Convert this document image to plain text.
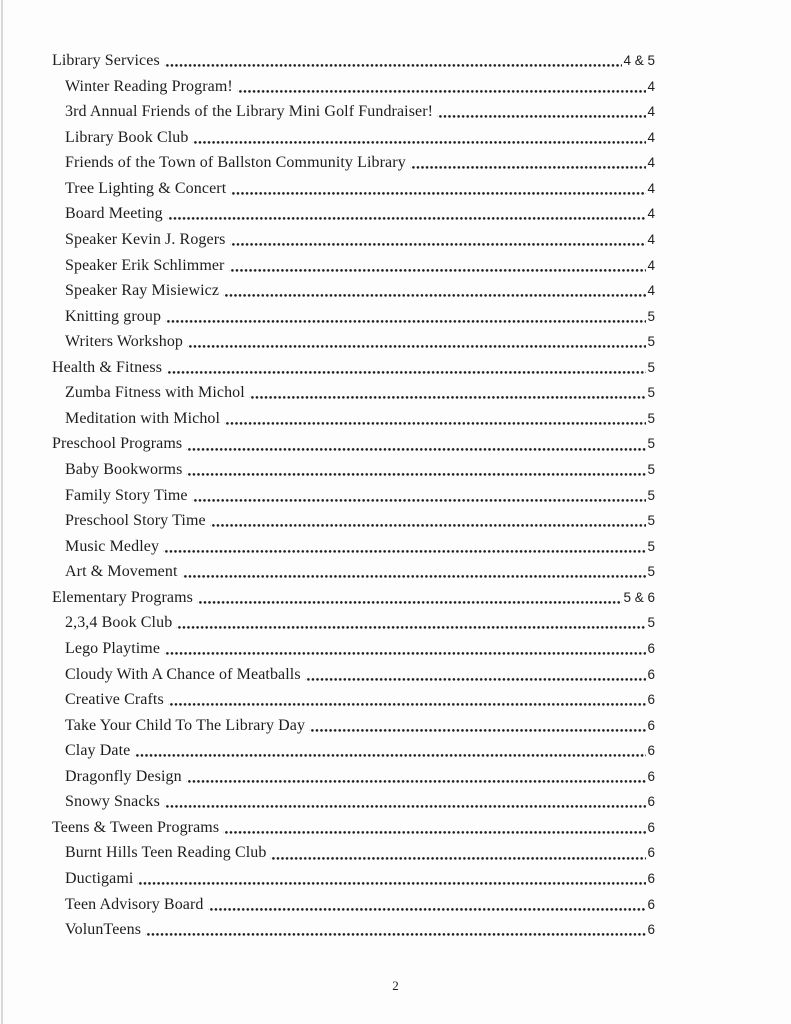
Library Services	4 & 5
Winter Reading Program!	4
3rd Annual Friends of the Library Mini Golf Fundraiser!	4
Library Book Club	4
Friends of the Town of Ballston Community Library	4
Tree Lighting & Concert	4
Board Meeting	4
Speaker Kevin J. Rogers	4
Speaker Erik Schlimmer	4
Speaker Ray Misiewicz	4
Knitting group	5
Writers Workshop	5
Health & Fitness	5
Zumba Fitness with Michol	5
Meditation with Michol	5
Preschool Programs	5
Baby Bookworms	5
Family Story Time	5
Preschool Story Time	5
Music Medley	5
Art & Movement	5
Elementary Programs	5 & 6
2,3,4 Book Club	5
Lego Playtime	6
Cloudy With A Chance of Meatballs	6
Creative Crafts	6
Take Your Child To The Library Day	6
Clay Date	6
Dragonfly Design	6
Snowy Snacks	6
Teens & Tween Programs	6
Burnt Hills Teen Reading Club	6
Ductigami	6
Teen Advisory Board	6
VolunTeens	6
2
